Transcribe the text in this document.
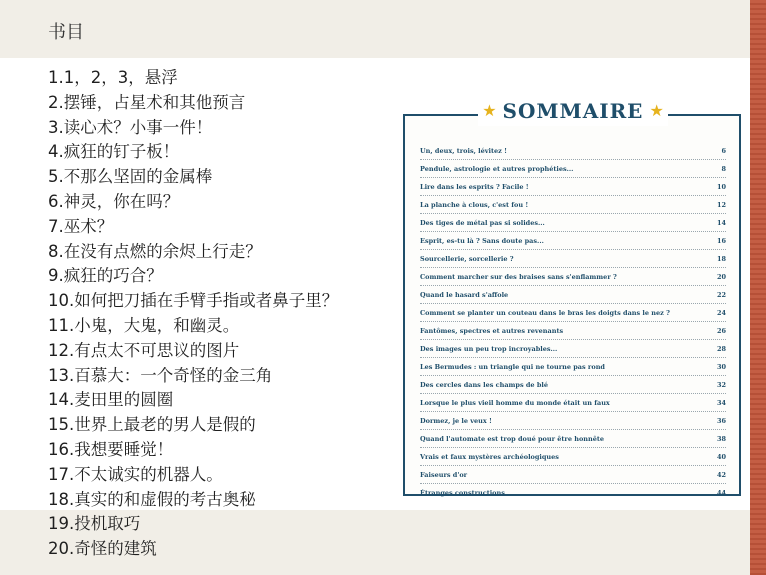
书目
1.1，2，3，悬浮
2.摆锤，占星术和其他预言
3.读心术？小事一件！
4.疯狂的钉子板！
5.不那么坚固的金属棒
6.神灵，你在吗？
7.巫术？
8.在没有点燃的余烬上行走？
9.疯狂的巧合？
10.如何把刀插在手臂手指或者鼻子里？
11.小鬼，大鬼，和幽灵。
12.有点太不可思议的图片
13.百慕大：一个奇怪的金三角
14.麦田里的圆圈
15.世界上最老的男人是假的
16.我想要睡觉！
17.不太诚实的机器人。
18.真实的和虚假的考古奥秘
19.投机取巧
20.奇怪的建筑
★ SOMMAIRE ★
Un, deux, trois, lévitez !	6
Pendule, astrologie et autres prophéties...	8
Lire dans les esprits ? Facile !	10
La planche à clous, c'est fou !	12
Des tiges de métal pas si solides...	14
Esprit, es-tu là ? Sans doute pas...	16
Sourcellerie, sorcellerie ?	18
Comment marcher sur des braises sans s'enflammer ?	20
Quand le hasard s'affole	22
Comment se planter un couteau dans le bras les doigts dans le nez ?	24
Fantômes, spectres et autres revenants	26
Des images un peu trop incroyables...	28
Les Bermudes : un triangle qui ne tourne pas rond	30
Des cercles dans les champs de blé	32
Lorsque le plus vieil homme du monde était un faux	34
Dormez, je le veux !	36
Quand l'automate est trop doué pour être honnête	38
Vrais et faux mystères archéologiques	40
Faiseurs d'or	42
Étranges constructions	44
